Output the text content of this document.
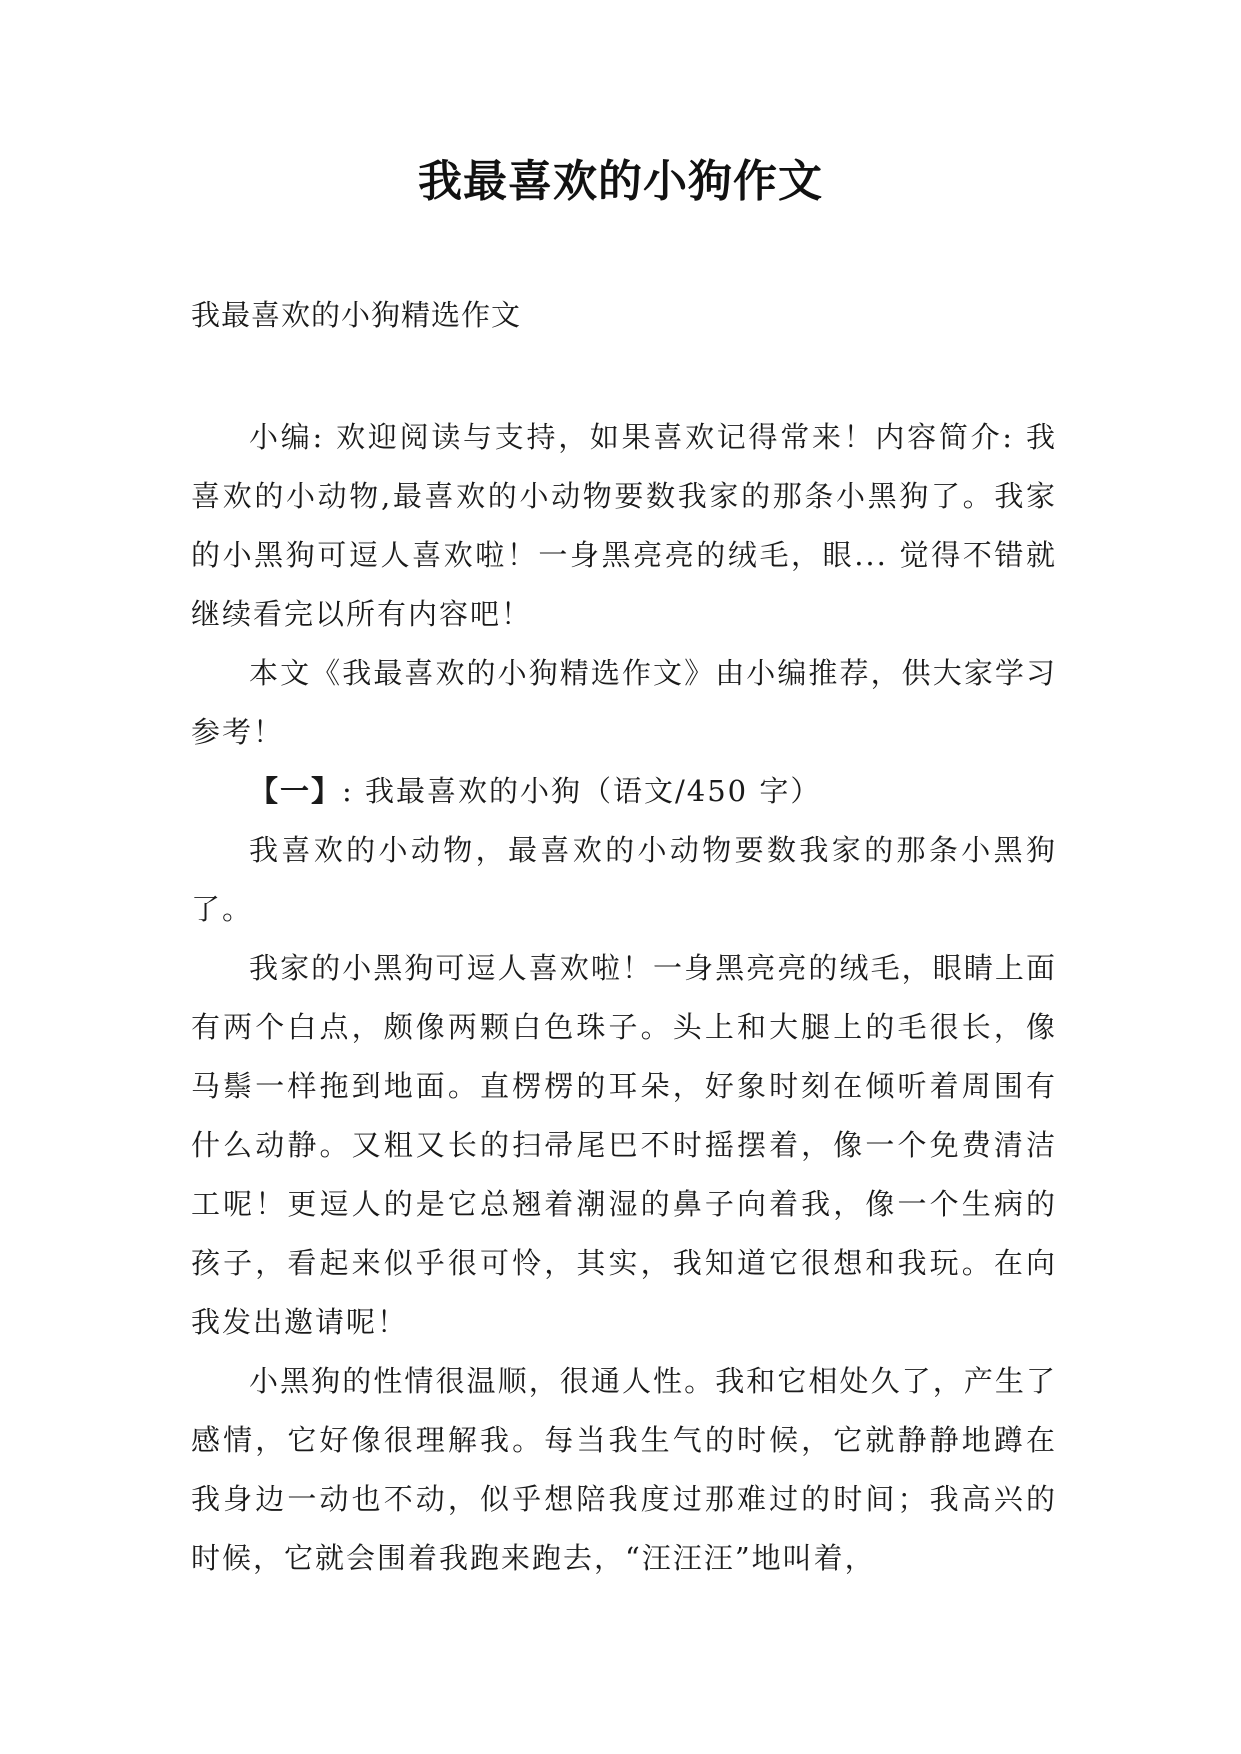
我最喜欢的小狗作文

我最喜欢的小狗精选作文

小编: 欢迎阅读与支持，如果喜欢记得常来！内容简介: 我喜欢的小动物,最喜欢的小动物要数我家的那条小黑狗了。我家的小黑狗可逗人喜欢啦！一身黑亮亮的绒毛，眼... 觉得不错就继续看完以所有内容吧！

本文《我最喜欢的小狗精选作文》由小编推荐，供大家学习参考！

【一】: 我最喜欢的小狗（语文/450 字）

我喜欢的小动物，最喜欢的小动物要数我家的那条小黑狗了。

我家的小黑狗可逗人喜欢啦！一身黑亮亮的绒毛，眼睛上面有两个白点，颇像两颗白色珠子。头上和大腿上的毛很长，像马鬃一样拖到地面。直楞楞的耳朵，好象时刻在倾听着周围有什么动静。又粗又长的扫帚尾巴不时摇摆着，像一个免费清洁工呢！更逗人的是它总翘着潮湿的鼻子向着我，像一个生病的孩子，看起来似乎很可怜，其实，我知道它很想和我玩。在向我发出邀请呢！

小黑狗的性情很温顺，很通人性。我和它相处久了，产生了感情，它好像很理解我。每当我生气的时候，它就静静地蹲在我身边一动也不动，似乎想陪我度过那难过的时间；我高兴的时候，它就会围着我跑来跑去，“汪汪汪”地叫着，
